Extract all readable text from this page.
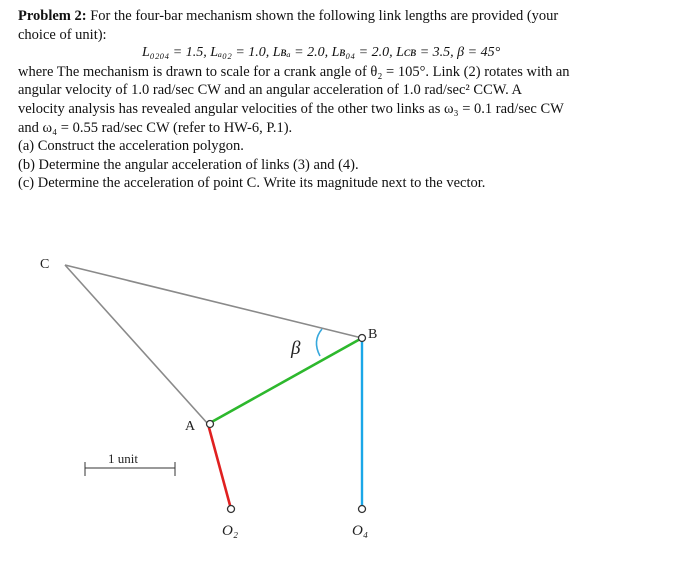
Problem 2: For the four-bar mechanism shown the following link lengths are provided (your

choice of unit):

L₀₂₀₄ = 1.5, Lₐ₀₂ = 1.0, Lʙₐ = 2.0, Lʙ₀₄ = 2.0, Lᴄʙ = 3.5, β = 45°

where The mechanism is drawn to scale for a crank angle of θ₂ = 105°. Link (2) rotates with an

angular velocity of 1.0 rad/sec CW and an angular acceleration of 1.0 rad/sec² CCW. A

velocity analysis has revealed angular velocities of the other two links as ω₃ = 0.1 rad/sec CW

and ω₄ = 0.55 rad/sec CW (refer to HW-6, P.1).

(a) Construct the acceleration polygon.

(b) Determine the angular acceleration of links (3) and (4).

(c) Determine the acceleration of point C. Write its magnitude next to the vector.

C
B
A
β
O₂	O₄
1 unit
